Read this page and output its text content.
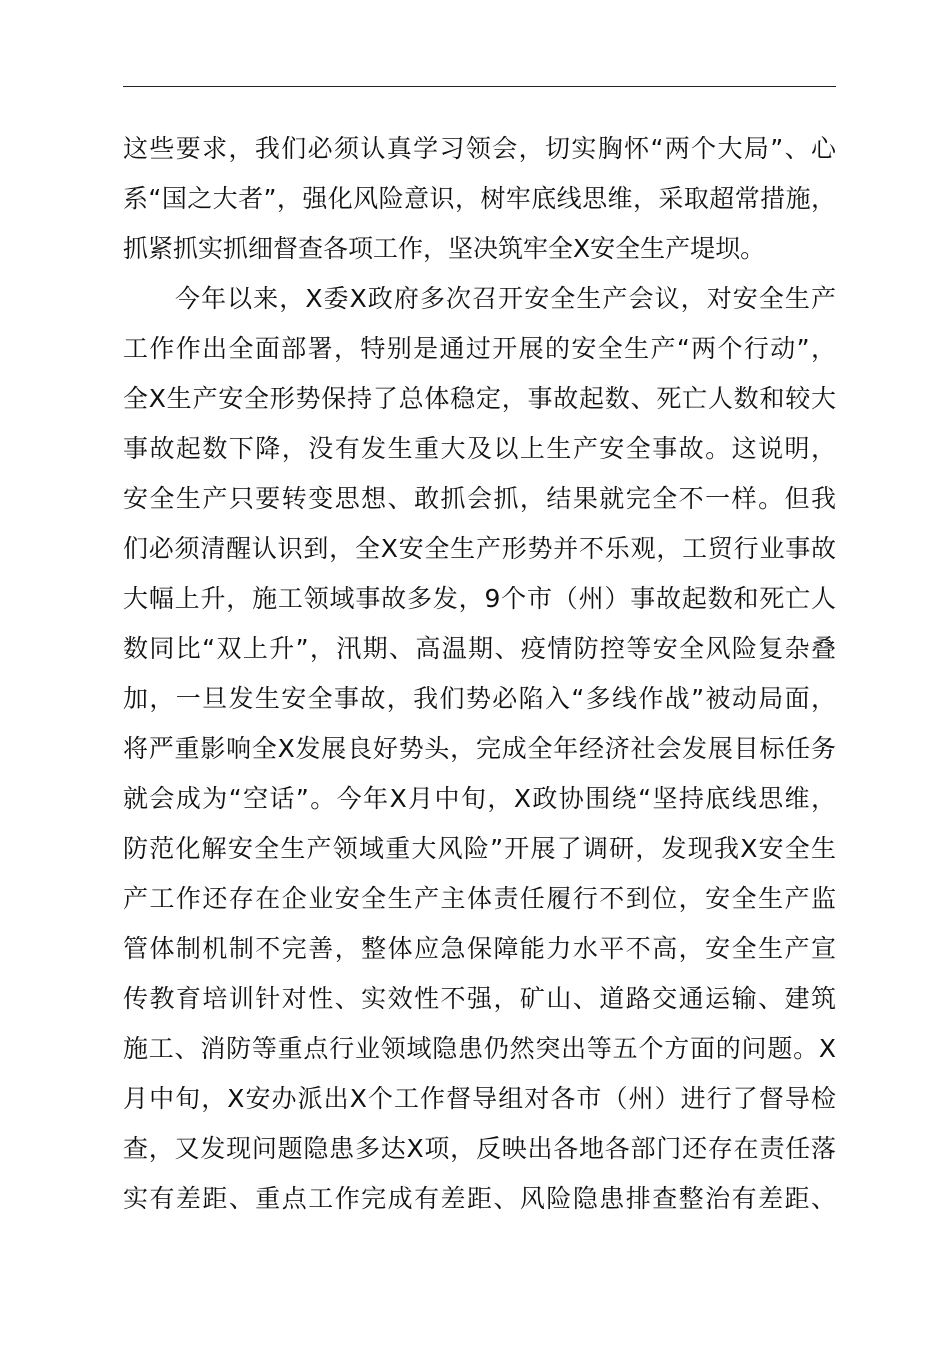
这些要求，我们必须认真学习领会，切实胸怀“两个大局”、心
系“国之大者”，强化风险意识，树牢底线思维，采取超常措施，
抓紧抓实抓细督查各项工作，坚决筑牢全X安全生产堤坝。
今年以来，X委X政府多次召开安全生产会议，对安全生产
工作作出全面部署，特别是通过开展的安全生产“两个行动”，
全X生产安全形势保持了总体稳定，事故起数、死亡人数和较大
事故起数下降，没有发生重大及以上生产安全事故。这说明，
安全生产只要转变思想、敢抓会抓，结果就完全不一样。但我
们必须清醒认识到，全X安全生产形势并不乐观，工贸行业事故
大幅上升，施工领域事故多发，9个市（州）事故起数和死亡人
数同比“双上升”，汛期、高温期、疫情防控等安全风险复杂叠
加，一旦发生安全事故，我们势必陷入“多线作战”被动局面，
将严重影响全X发展良好势头，完成全年经济社会发展目标任务
就会成为“空话”。今年X月中旬，X政协围绕“坚持底线思维，
防范化解安全生产领域重大风险”开展了调研，发现我X安全生
产工作还存在企业安全生产主体责任履行不到位，安全生产监
管体制机制不完善，整体应急保障能力水平不高，安全生产宣
传教育培训针对性、实效性不强，矿山、道路交通运输、建筑
施工、消防等重点行业领域隐患仍然突出等五个方面的问题。X
月中旬，X安办派出X个工作督导组对各市（州）进行了督导检
查，又发现问题隐患多达X项，反映出各地各部门还存在责任落
实有差距、重点工作完成有差距、风险隐患排查整治有差距、
